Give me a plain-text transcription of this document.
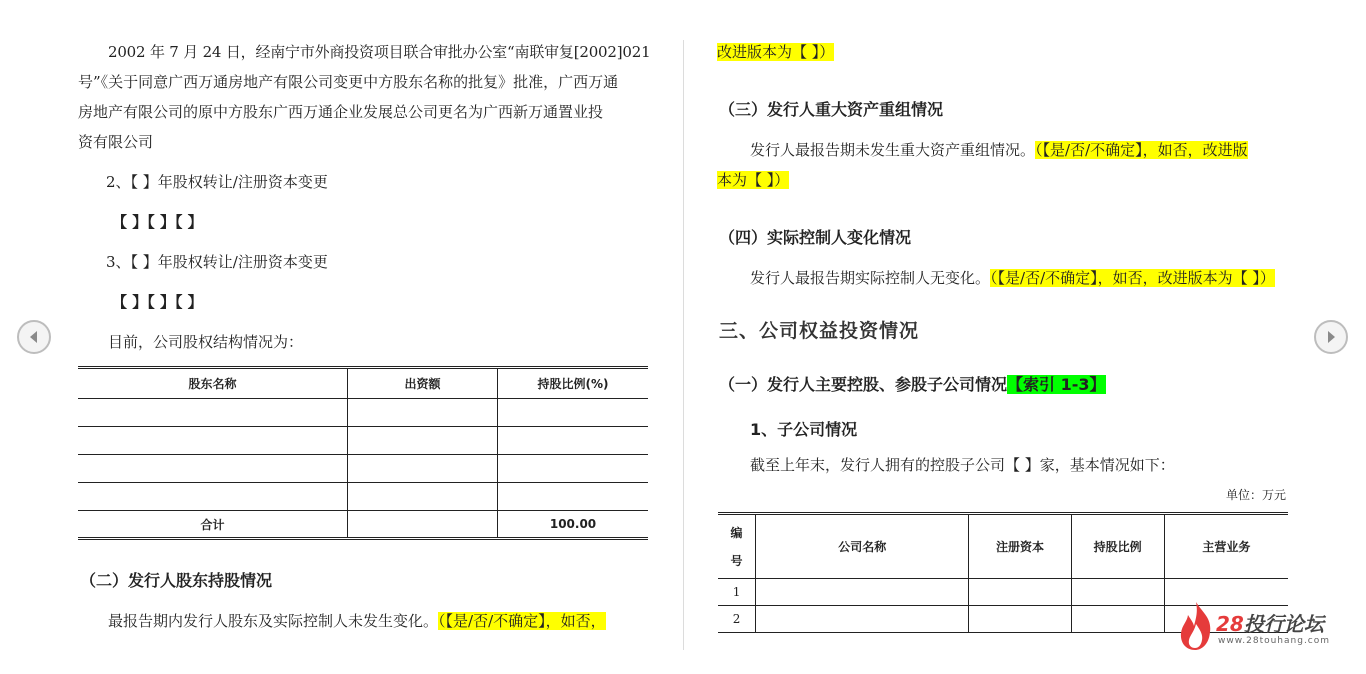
2002 年 7 月 24 日，经南宁市外商投资项目联合审批办公室“南联审复[2002]021
号”《关于同意广西万通房地产有限公司变更中方股东名称的批复》批准，广西万通
房地产有限公司的原中方股东广西万通企业发展总公司更名为广西新万通置业投
资有限公司
2、【 】年股权转让/注册资本变更
【 】【 】【 】
3、【 】年股权转让/注册资本变更
【 】【 】【 】
目前，公司股权结构情况为：
股东名称	出资额	持股比例(%)

合计		100.00
（二）发行人股东持股情况
最报告期内发行人股东及实际控制人未发生变化。（【是/否/不确定】，如否，
改进版本为【 】）
（三）发行人重大资产重组情况
发行人最报告期未发生重大资产重组情况。（【是/否/不确定】，如否，改进版
本为【 】）
（四）实际控制人变化情况
发行人最报告期实际控制人无变化。（【是/否/不确定】，如否，改进版本为【 】）
三、公司权益投资情况
（一）发行人主要控股、参股子公司情况【索引 1-3】
1、子公司情况
截至上年末，发行人拥有的控股子公司【 】家，基本情况如下：
单位：万元
编号	公司名称	注册资本	持股比例	主营业务
1				
2					28投行论坛
www.28touhang.com
